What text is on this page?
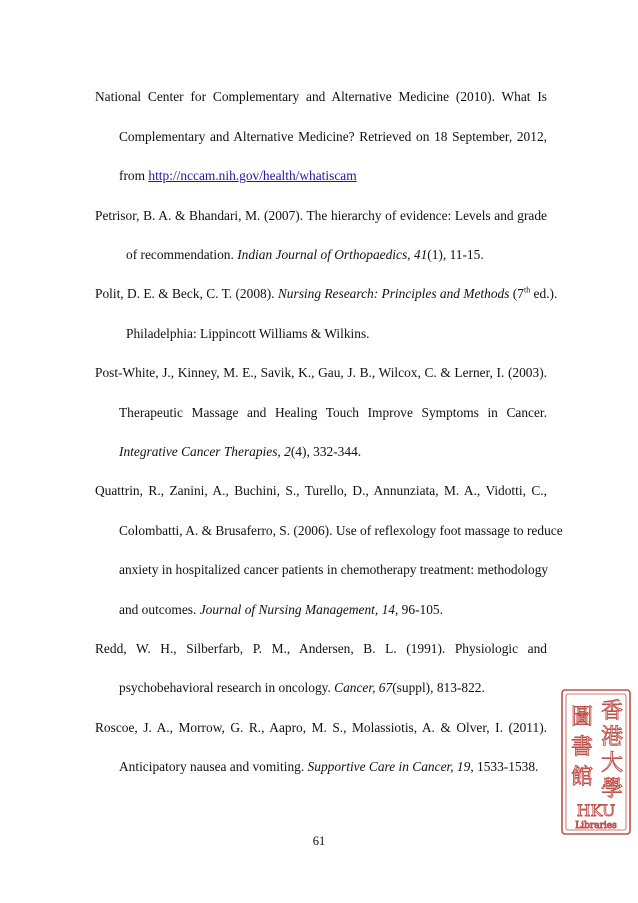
National Center for Complementary and Alternative Medicine (2010). What Is
Complementary and Alternative Medicine? Retrieved on 18 September, 2012,
from http://nccam.nih.gov/health/whatiscam
Petrisor, B. A. & Bhandari, M. (2007). The hierarchy of evidence: Levels and grade
of recommendation. Indian Journal of Orthopaedics, 41(1), 11-15.
Polit, D. E. & Beck, C. T. (2008). Nursing Research: Principles and Methods (7th ed.).
Philadelphia: Lippincott Williams & Wilkins.
Post-White, J., Kinney, M. E., Savik, K., Gau, J. B., Wilcox, C. & Lerner, I. (2003).
Therapeutic Massage and Healing Touch Improve Symptoms in Cancer.
Integrative Cancer Therapies, 2(4), 332-344.
Quattrin, R., Zanini, A., Buchini, S., Turello, D., Annunziata, M. A., Vidotti, C.,
Colombatti, A. & Brusaferro, S. (2006). Use of reflexology foot massage to reduce
anxiety in hospitalized cancer patients in chemotherapy treatment: methodology
and outcomes. Journal of Nursing Management, 14, 96-105.
Redd, W. H., Silberfarb, P. M., Andersen, B. L. (1991). Physiologic and
psychobehavioral research in oncology. Cancer, 67(suppl), 813-822.
Roscoe, J. A., Morrow, G. R., Aapro, M. S., Molassiotis, A. & Olver, I. (2011).
Anticipatory nausea and vomiting. Supportive Care in Cancer, 19, 1533-1538.
61
香
港
大
學
圖
書
館
HKU
Libraries
